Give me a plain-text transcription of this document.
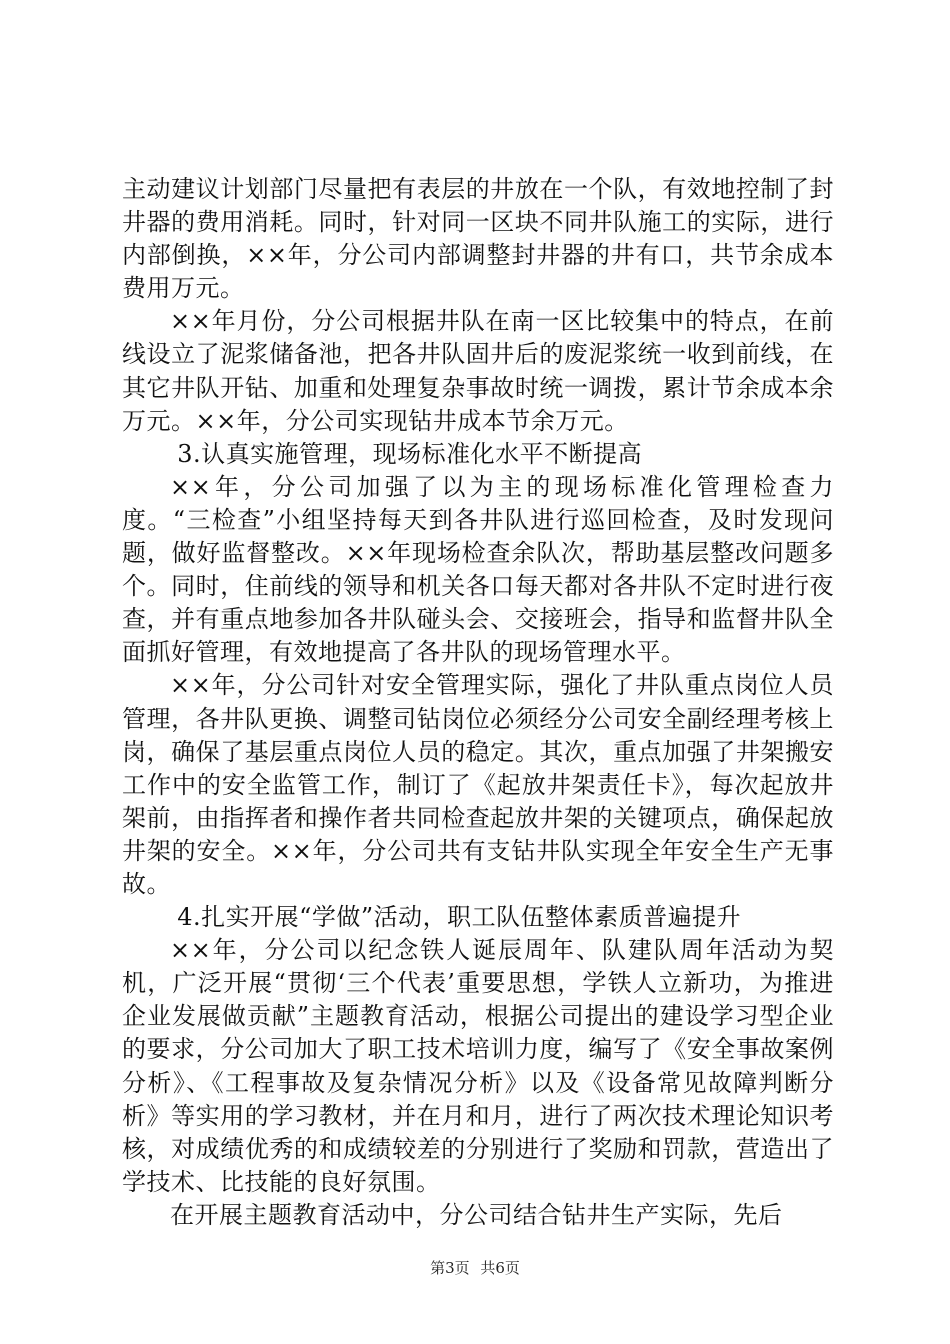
主动建议计划部门尽量把有表层的井放在一个队，有效地控制了封井器的费用消耗。同时，针对同一区块不同井队施工的实际，进行内部倒换，××年，分公司内部调整封井器的井有口，共节余成本费用万元。

××年月份，分公司根据井队在南一区比较集中的特点，在前线设立了泥浆储备池，把各井队固井后的废泥浆统一收到前线，在其它井队开钻、加重和处理复杂事故时统一调拨，累计节余成本余万元。××年，分公司实现钻井成本节余万元。

3.认真实施管理，现场标准化水平不断提高

××年，分公司加强了以为主的现场标准化管理检查力度。“三检查”小组坚持每天到各井队进行巡回检查，及时发现问题，做好监督整改。××年现场检查余队次，帮助基层整改问题多个。同时，住前线的领导和机关各口每天都对各井队不定时进行夜查，并有重点地参加各井队碰头会、交接班会，指导和监督井队全面抓好管理，有效地提高了各井队的现场管理水平。

××年，分公司针对安全管理实际，强化了井队重点岗位人员管理，各井队更换、调整司钻岗位必须经分公司安全副经理考核上岗，确保了基层重点岗位人员的稳定。其次，重点加强了井架搬安工作中的安全监管工作，制订了《起放井架责任卡》，每次起放井架前，由指挥者和操作者共同检查起放井架的关键项点，确保起放井架的安全。××年，分公司共有支钻井队实现全年安全生产无事故。

4.扎实开展“学做”活动，职工队伍整体素质普遍提升

××年，分公司以纪念铁人诞辰周年、队建队周年活动为契机，广泛开展“贯彻‘三个代表’重要思想，学铁人立新功，为推进企业发展做贡献”主题教育活动，根据公司提出的建设学习型企业的要求，分公司加大了职工技术培训力度，编写了《安全事故案例分析》、《工程事故及复杂情况分析》以及《设备常见故障判断分析》等实用的学习教材，并在月和月，进行了两次技术理论知识考核，对成绩优秀的和成绩较差的分别进行了奖励和罚款，营造出了学技术、比技能的良好氛围。

在开展主题教育活动中，分公司结合钻井生产实际，先后

第3页 共6页
